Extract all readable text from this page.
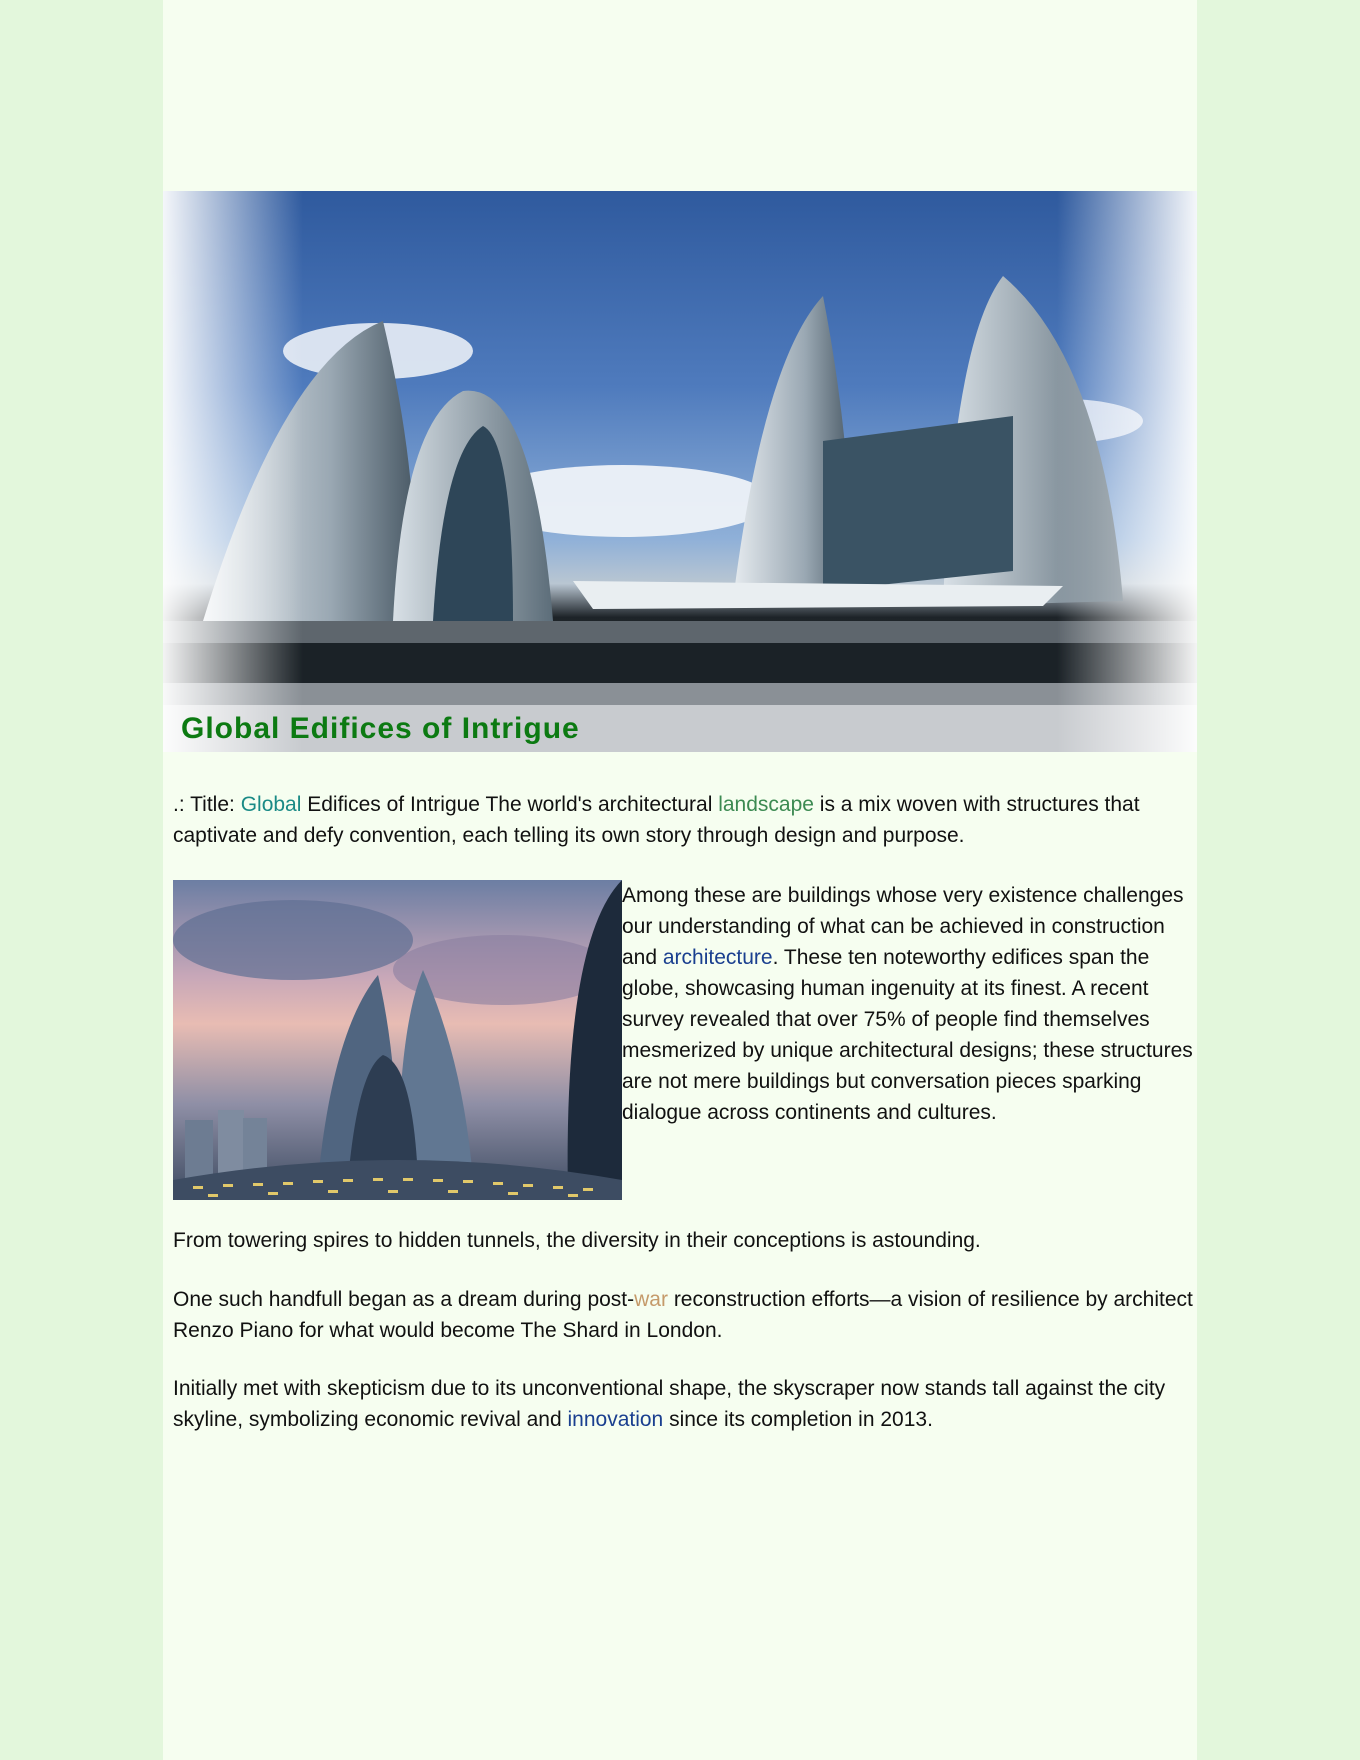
Global Edifices of Intrigue

.: Title: Global Edifices of Intrigue The world's architectural landscape is a mix woven with structures that captivate and defy convention, each telling its own story through design and purpose.

Among these are buildings whose very existence challenges our understanding of what can be achieved in construction and architecture. These ten noteworthy edifices span the globe, showcasing human ingenuity at its finest. A recent survey revealed that over 75% of people find themselves mesmerized by unique architectural designs; these structures are not mere buildings but conversation pieces sparking dialogue across continents and cultures.

From towering spires to hidden tunnels, the diversity in their conceptions is astounding.

One such handfull began as a dream during post-war reconstruction efforts—a vision of resilience by architect Renzo Piano for what would become The Shard in London.

Initially met with skepticism due to its unconventional shape, the skyscraper now stands tall against the city skyline, symbolizing economic revival and innovation since its completion in 2013.
